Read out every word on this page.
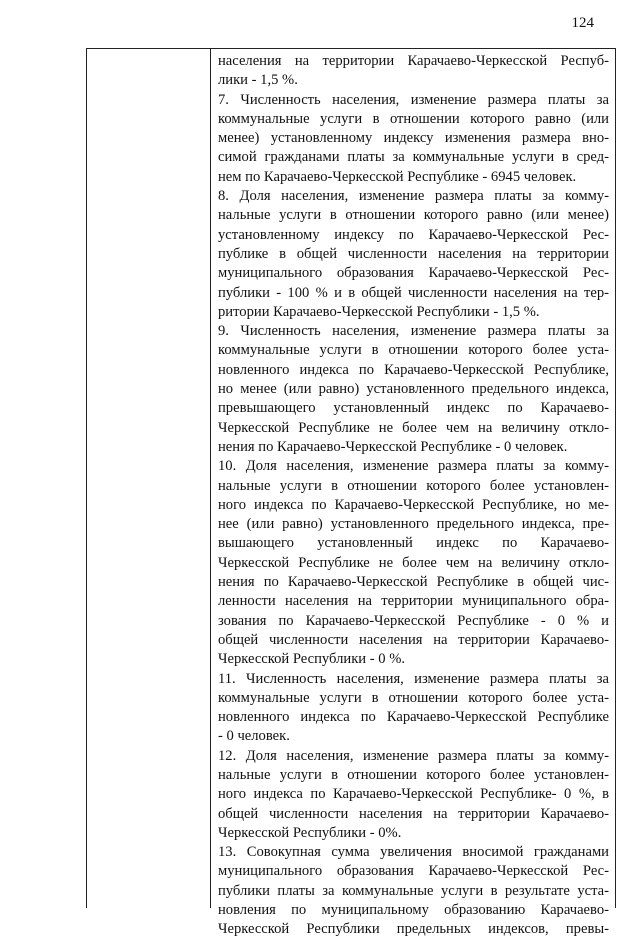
124
населения на территории Карачаево-Черкесской Респуб-
лики - 1,5 %.
7. Численность населения, изменение размера платы за
коммунальные услуги в отношении которого равно (или
менее) установленному индексу изменения размера вно-
симой гражданами платы за коммунальные услуги в сред-
нем по Карачаево-Черкесской Республике - 6945 человек.
8. Доля населения, изменение размера платы за комму-
нальные услуги в отношении которого равно (или менее)
установленному индексу по Карачаево-Черкесской Рес-
публике в общей численности населения на территории
муниципального образования Карачаево-Черкесской Рес-
публики - 100 % и в общей численности населения на тер-
ритории Карачаево-Черкесской Республики - 1,5 %.
9. Численность населения, изменение размера платы за
коммунальные услуги в отношении которого более уста-
новленного индекса по Карачаево-Черкесской Республике,
но менее (или равно) установленного предельного индекса,
превышающего установленный индекс по Карачаево-
Черкесской Республике не более чем на величину откло-
нения по Карачаево-Черкесской Республике - 0 человек.
10. Доля населения, изменение размера платы за комму-
нальные услуги в отношении которого более установлен-
ного индекса по Карачаево-Черкесской Республике, но ме-
нее (или равно) установленного предельного индекса, пре-
вышающего установленный индекс по Карачаево-
Черкесской Республике не более чем на величину откло-
нения по Карачаево-Черкесской Республике в общей чис-
ленности населения на территории муниципального обра-
зования по Карачаево-Черкесской Республике - 0 % и
общей численности населения на территории Карачаево-
Черкесской Республики - 0 %.
11. Численность населения, изменение размера платы за
коммунальные услуги в отношении которого более уста-
новленного индекса по Карачаево-Черкесской Республике
- 0 человек.
12. Доля населения, изменение размера платы за комму-
нальные услуги в отношении которого более установлен-
ного индекса по Карачаево-Черкесской Республике- 0 %, в
общей численности населения на территории Карачаево-
Черкесской Республики - 0%.
13. Совокупная сумма увеличения вносимой гражданами
муниципального образования Карачаево-Черкесской Рес-
публики платы за коммунальные услуги в результате уста-
новления по муниципальному образованию Карачаево-
Черкесской Республики предельных индексов, превы-
